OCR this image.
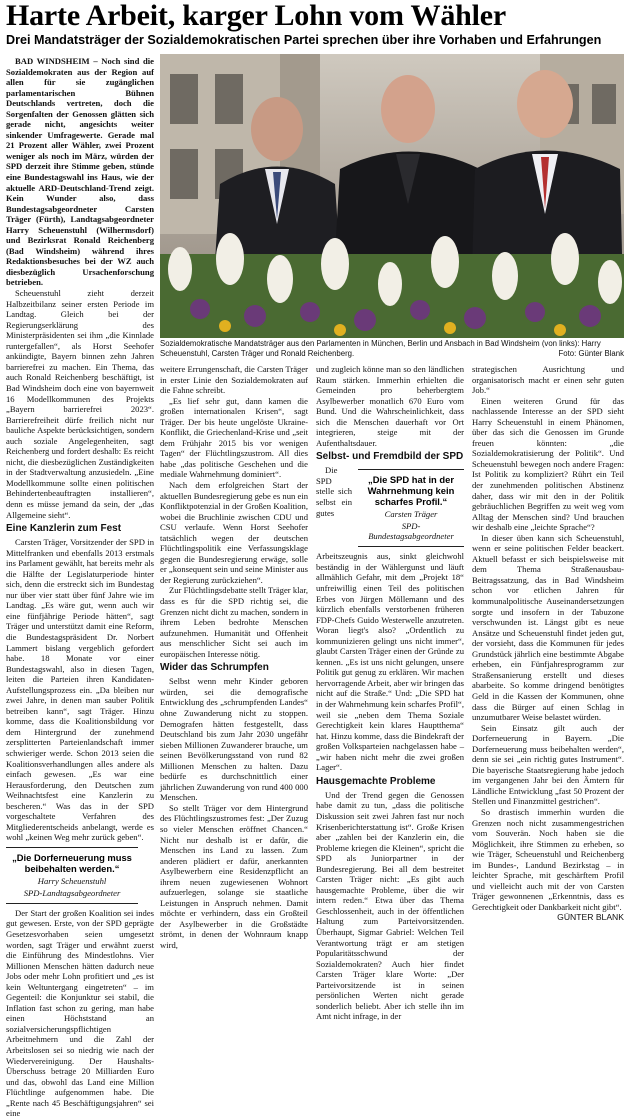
Harte Arbeit, karger Lohn vom Wähler
Drei Mandatsträger der Sozialdemokratischen Partei sprechen über ihre Vorhaben und Erfahrungen

BAD WINDSHEIM – Noch sind die Sozialdemokraten aus der Region auf allen für sie zugänglichen parlamentarischen Bühnen Deutschlands vertreten, doch die Sorgenfalten der Genossen glätten sich gerade nicht, angesichts weiter sinkender Umfragewerte. Gerade mal 21 Prozent aller Wähler, zwei Prozent weniger als noch im März, würden der SPD derzeit ihre Stimme geben, stünde eine Bundestagswahl ins Haus, wie der aktuelle ARD-Deutschland-Trend zeigt. Kein Wunder also, dass Bundestagsabgeordneter Carsten Träger (Fürth), Landtagsabgeordneter Harry Scheuenstuhl (Wilhermsdorf) und Bezirksrat Ronald Reichenberg (Bad Windsheim) während ihres Redaktionsbesuches bei der WZ auch diesbezüglich Ursachenforschung betrieben.

Scheuenstuhl zieht derzeit Halbzeitbilanz seiner ersten Periode im Landtag. Gleich bei der Regierungserklärung des Ministerpräsidenten sei ihm „die Kinnlade runtergefallen“, als Horst Seehofer ankündigte, Bayern binnen zehn Jahren barrierefrei zu machen. Ein Thema, das auch Ronald Reichenberg beschäftigt, ist Bad Windsheim doch eine von bayernweit 16 Modellkommunen des Projekts „Bayern barrierefrei 2023“. Barrierefreiheit dürfe freilich nicht nur bauliche Aspekte berücksichtigen, sondern auch soziale Angelegenheiten, sagt Reichenberg und fordert deshalb: Es reicht nicht, die diesbezüglichen Zuständigkeiten in der Stadtverwaltung anzusiedeln. „Eine Modellkommune sollte einen politischen Behindertenbeauftragten installieren“, denn es müsse jemand da sein, der „das Allgemeine sieht“.

Eine Kanzlerin zum Fest

Carsten Träger, Vorsitzender der SPD in Mittelfranken und ebenfalls 2013 erstmals ins Parlament gewählt, hat bereits mehr als die Hälfte der Legislaturperiode hinter sich, denn die erstreckt sich im Bundestag nur über vier statt über fünf Jahre wie im Landtag. „Es wäre gut, wenn auch wir eine fünfjährige Periode hätten“, sagt Träger und unterstützt damit eine Reform, die Bundestagspräsident Dr. Norbert Lammert bislang vergeblich gefordert habe. 18 Monate vor einer Bundestagswahl, also in diesen Tagen, leiten die Parteien ihren Kandidaten-Aufstellungsprozess ein. „Da bleiben nur zwei Jahre, in denen man sauber Politik betreiben kann“, sagt Träger. Hinzu komme, dass die Koalitionsbildung vor dem Hintergrund der zunehmend zersplitterten Parteienlandschaft immer schwieriger werde. Schon 2013 seien die Koalitionsverhandlungen alles andere als einfach gewesen. „Es war eine Herausforderung, den Deutschen zum Weihnachtsfest eine Kanzlerin zu bescheren.“ Was das in der SPD vorgeschaltete Verfahren des Mitgliederentscheids anbelangt, werde es wohl „keinen Weg mehr zurück geben“.

„Die Dorferneuerung muss beibehalten werden.“
Harry Scheuenstuhl
SPD-Landtagsabgeordneter

Der Start der großen Koalition sei indes gut gewesen. Erste, von der SPD geprägte Gesetzesvorhaben seien umgesetzt worden, sagt Träger und erwähnt zuerst die Einführung des Mindestlohns. Vier Millionen Menschen hätten dadurch neue Jobs oder mehr Lohn profitiert und „es ist kein Weltuntergang eingetreten“ – im Gegenteil: die Konjunktur sei stabil, die Inflation fast schon zu gering, man habe einen Höchststand an sozialversicherungspflichtigen Arbeitnehmern und die Zahl der Arbeitslosen sei so niedrig wie nach der Wiedervereinigung. Der Haushalts-Überschuss betrage 20 Milliarden Euro und das, obwohl das Land eine Million Flüchtlinge aufgenommen habe. Die „Rente nach 45 Beschäftigungsjahren“ sei eine

Sozialdemokratische Mandatsträger aus den Parlamenten in München, Berlin und Ansbach in Bad Windsheim (von links): Harry Scheuenstuhl, Carsten Träger und Ronald Reichenberg.	Foto: Günter Blank

weitere Errungenschaft, die Carsten Träger in erster Linie den Sozialdemokraten auf die Fahne schreibt.

„Es lief sehr gut, dann kamen die großen internationalen Krisen“, sagt Träger. Der bis heute ungelöste Ukraine-Konflikt, die Griechenland-Krise und „seit dem Frühjahr 2015 bis vor wenigen Tagen“ der Flüchtlingszustrom. All dies habe „das politische Geschehen und die mediale Wahrnehmung dominiert“.

Nach dem erfolgreichen Start der aktuellen Bundesregierung gebe es nun ein Konfliktpotenzial in der Großen Koalition, wobei die Bruchlinie zwischen CDU und CSU verlaufe. Wenn Horst Seehofer tatsächlich wegen der deutschen Flüchtlingspolitik eine Verfassungsklage gegen die Bundesregierung erwäge, solle er „konsequent sein und seine Minister aus der Regierung zurückziehen“.

Zur Flüchtlingsdebatte stellt Träger klar, dass es für die SPD richtig sei, die Grenzen nicht dicht zu machen, sondern in ihrem Leben bedrohte Menschen aufzunehmen. Humanität und Offenheit aus menschlicher Sicht sei auch im europäischen Interesse nötig.

Wider das Schrumpfen

Selbst wenn mehr Kinder geboren würden, sei die demografische Entwicklung des „schrumpfenden Landes“ ohne Zuwanderung nicht zu stoppen. Demografen hätten festgestellt, dass Deutschland bis zum Jahr 2030 ungefähr sieben Millionen Zuwanderer brauche, um seinen Bevölkerungsstand von rund 82 Millionen Menschen zu halten. Dazu bedürfe es durchschnittlich einer jährlichen Zuwanderung von rund 400 000 Menschen.

So stellt Träger vor dem Hintergrund des Flüchtlingszustromes fest: „Der Zuzug so vieler Menschen eröffnet Chancen.“ Nicht nur deshalb ist er dafür, die Menschen ins Land zu lassen. Zum anderen plädiert er dafür, anerkannten Asylbewerbern eine Residenzpflicht an ihrem neuen zugewiesenen Wohnort aufzuerlegen, solange sie staatliche Leistungen in Anspruch nehmen. Damit möchte er verhindern, dass ein Großteil der Asylbewerber in die Großstädte strömt, in denen der Wohnraum knapp wird,

und zugleich könne man so den ländlichen Raum stärken. Immerhin erhielten die Gemeinden pro beherbergtem Asylbewerber monatlich 670 Euro vom Bund. Und die Wahrscheinlichkeit, dass sich die Menschen dauerhaft vor Ort integrieren, steige mit der Aufenthaltsdauer.

Selbst- und Fremdbild der SPD
„Die SPD hat in der Wahrnehmung kein scharfes Profil.“
Carsten Träger
SPD-Bundestagsabgeordneter

Die SPD stelle sich selbst ein gutes Arbeitszeugnis aus, sinkt gleichwohl beständig in der Wählergunst und läuft allmählich Gefahr, mit dem „Projekt 18“ unfreiwillig einen Teil des politischen Erbes von Jürgen Möllemann und des kürzlich ebenfalls verstorbenen früheren FDP-Chefs Guido Westerwelle anzutreten. Woran liegt's also? „Ordentlich zu kommunizieren gelingt uns nicht immer“, glaubt Carsten Träger einen der Gründe zu kennen. „Es ist uns nicht gelungen, unsere Politik gut genug zu erklären. Wir machen hervorragende Arbeit, aber wir bringen das nicht auf die Straße.“ Und: „Die SPD hat in der Wahrnehmung kein scharfes Profil“, weil sie „neben dem Thema Soziale Gerechtigkeit kein klares Hauptthema“ hat. Hinzu komme, dass die Bindekraft der großen Volksparteien nachgelassen habe – „wir haben nicht mehr die zwei großen Lager“.

Hausgemachte Probleme

Und der Trend gegen die Genossen habe damit zu tun, „dass die politische Diskussion seit zwei Jahren fast nur noch Krisenberichterstattung ist“. Große Krisen aber „zahlen bei der Kanzlerin ein, die Probleme kriegen die Kleinen“, spricht die SPD als Juniorpartner in der Bundesregierung. Bei all dem bestreitet Carsten Träger nicht: „Es gibt auch hausgemachte Probleme, über die wir intern reden.“ Etwa über das Thema Geschlossenheit, auch in der öffentlichen Haltung zum Parteivorsitzenden. Überhaupt, Sigmar Gabriel: Welchen Teil Verantwortung trägt er am stetigen Popularitätsschwund der Sozialdemokraten? Auch hier findet Carsten Träger klare Worte: „Der Parteivorsitzende ist in seinen persönlichen Werten nicht gerade sonderlich beliebt. Aber ich stelle ihn im Amt nicht infrage, in der

strategischen Ausrichtung und organisatorisch macht er einen sehr guten Job.“

Einen weiteren Grund für das nachlassende Interesse an der SPD sieht Harry Scheuenstuhl in einem Phänomen, über das sich die Genossen im Grunde freuen könnten: „die Sozialdemokratisierung der Politik“. Und Scheuenstuhl bewegen noch andere Fragen: Ist Politik zu kompliziert? Rührt ein Teil der zunehmenden politischen Abstinenz daher, dass wir mit den in der Politik gebräuchlichen Begriffen zu weit weg vom Alltag der Menschen sind? Und brauchen wir deshalb eine „leichte Sprache“?

In dieser üben kann sich Scheuenstuhl, wenn er seine politischen Felder beackert. Aktuell befasst er sich beispielsweise mit dem Thema Straßenausbau-Beitragssatzung, das in Bad Windsheim schon vor etlichen Jahren für kommunalpolitische Auseinandersetzungen sorgte und insofern in der Tabuzone verschwunden ist. Längst gibt es neue Ansätze und Scheuenstuhl findet jeden gut, der vorsieht, dass die Kommunen für jedes Grundstück jährlich eine bestimmte Abgabe erheben, ein Fünfjahresprogramm zur Straßensanierung erstellt und dieses abarbeite. So komme dringend benötigtes Geld in die Kassen der Kommunen, ohne dass die Bürger auf einen Schlag in unzumutbarer Weise belastet würden.

Sein Einsatz gilt auch der Dorferneuerung in Bayern. „Die Dorferneuerung muss beibehalten werden“, denn sie sei „ein richtig gutes Instrument“. Die bayerische Staatsregierung habe jedoch im vergangenen Jahr bei den Ämtern für Ländliche Entwicklung „fast 50 Prozent der Stellen und Finanzmittel gestrichen“.

So drastisch immerhin wurden die Grenzen noch nicht zusammengestrichen vom Souverän. Noch haben sie die Möglichkeit, ihre Stimmen zu erheben, so wie Träger, Scheuenstuhl und Reichenberg im Bundes-, Landund Bezirkstag – in leichter Sprache, mit geschärftem Profil und vielleicht auch mit der von Carsten Träger gewonnenen „Erkenntnis, dass es Gerechtigkeit oder Dankbarkeit nicht gibt“.

GÜNTER BLANK
